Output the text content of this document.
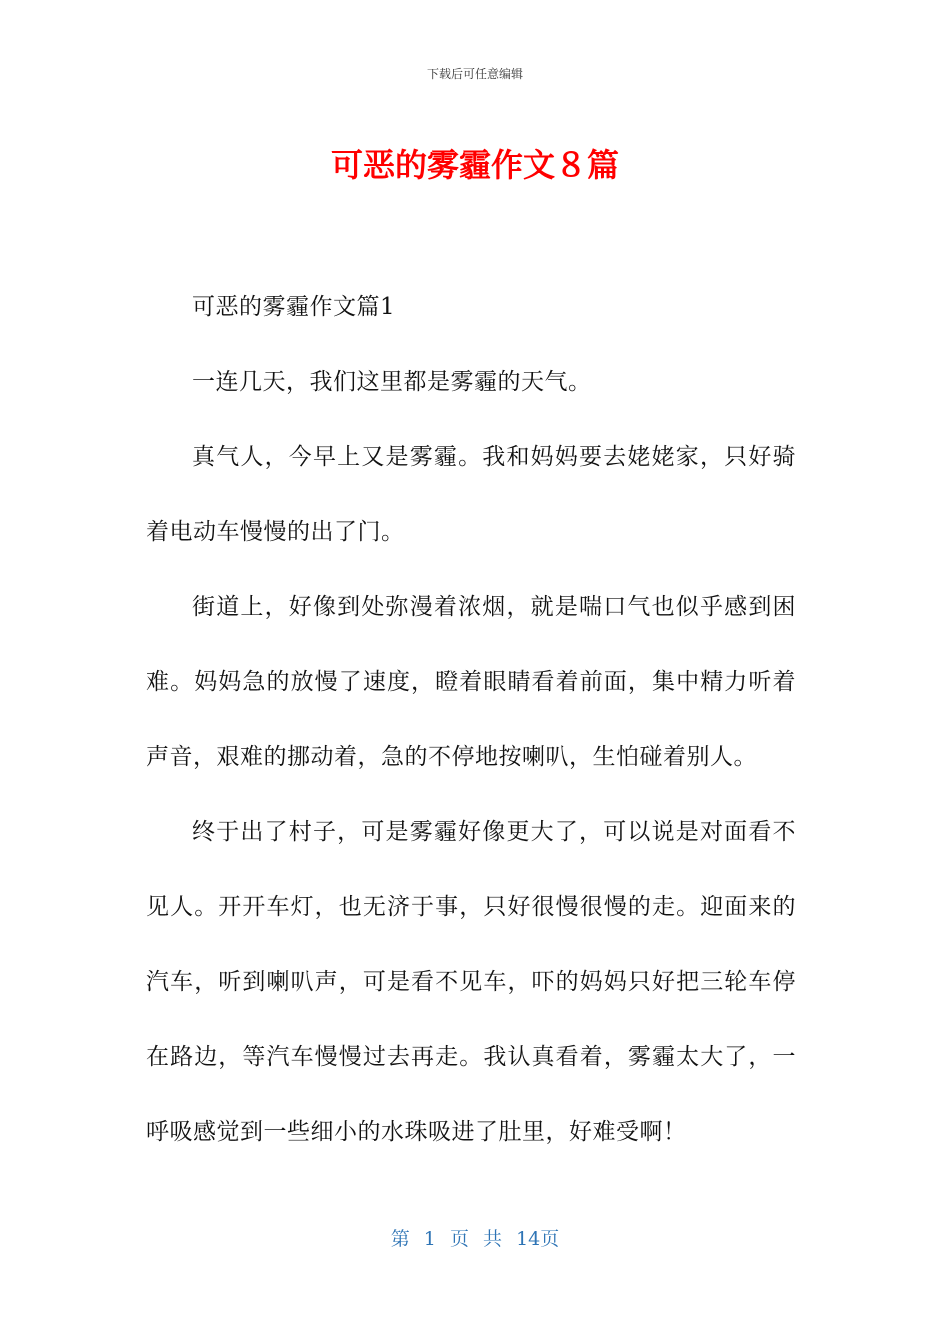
下载后可任意编辑
可恶的雾霾作文８篇

可恶的雾霾作文篇1

一连几天，我们这里都是雾霾的天气。

真气人，今早上又是雾霾。我和妈妈要去姥姥家，只好骑着电动车慢慢的出了门。

街道上，好像到处弥漫着浓烟，就是喘口气也似乎感到困难。妈妈急的放慢了速度，瞪着眼睛看着前面，集中精力听着声音，艰难的挪动着，急的不停地按喇叭，生怕碰着别人。

终于出了村子，可是雾霾好像更大了，可以说是对面看不见人。开开车灯，也无济于事，只好很慢很慢的走。迎面来的汽车，听到喇叭声，可是看不见车，吓的妈妈只好把三轮车停在路边，等汽车慢慢过去再走。我认真看着，雾霾太大了，一呼吸感觉到一些细小的水珠吸进了肚里，好难受啊！

第 1 页 共 14页
